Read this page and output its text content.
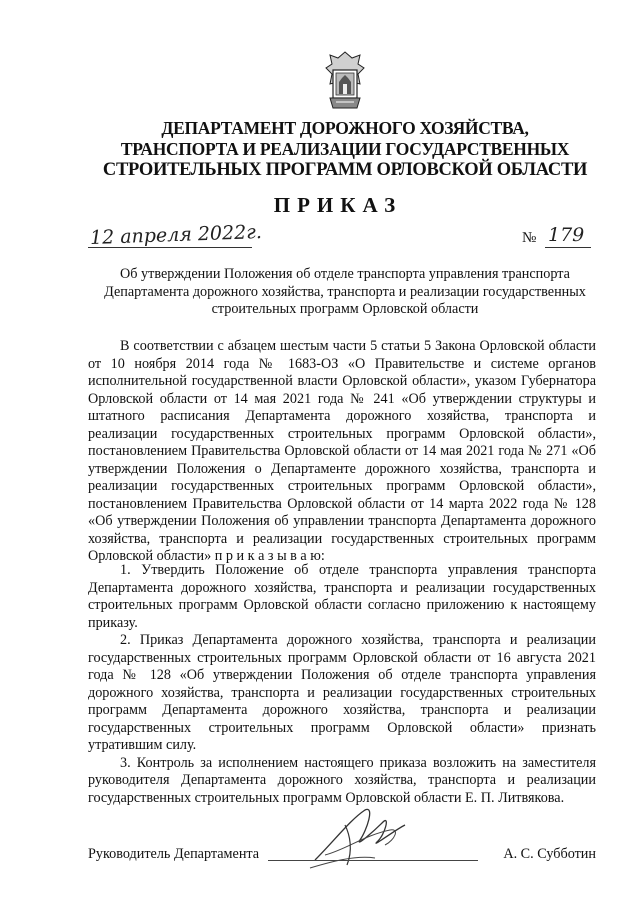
ДЕПАРТАМЕНТ ДОРОЖНОГО ХОЗЯЙСТВА,
ТРАНСПОРТА И РЕАЛИЗАЦИИ ГОСУДАРСТВЕННЫХ
СТРОИТЕЛЬНЫХ ПРОГРАММ ОРЛОВСКОЙ ОБЛАСТИ
ПРИКАЗ
12 апреля 2022г.	№ 179
Об утверждении Положения об отделе транспорта управления транспорта
Департамента дорожного хозяйства, транспорта и реализации государственных
строительных программ Орловской области

В соответствии с абзацем шестым части 5 статьи 5 Закона Орловской области от 10 ноября 2014 года № 1683-ОЗ «О Правительстве и системе органов исполнительной государственной власти Орловской области», указом Губернатора Орловской области от 14 мая 2021 года № 241 «Об утверждении структуры и штатного расписания Департамента дорожного хозяйства, транспорта и реализации государственных строительных программ Орловской области», постановлением Правительства Орловской области от 14 мая 2021 года № 271 «Об утверждении Положения о Департаменте дорожного хозяйства, транспорта и реализации государственных строительных программ Орловской области», постановлением Правительства Орловской области от 14 марта 2022 года № 128 «Об утверждении Положения об управлении транспорта Департамента дорожного хозяйства, транспорта и реализации государственных строительных программ Орловской области» п р и к а з ы в а ю:

1. Утвердить Положение об отделе транспорта управления транспорта Департамента дорожного хозяйства, транспорта и реализации государственных строительных программ Орловской области согласно приложению к настоящему приказу.

2. Приказ Департамента дорожного хозяйства, транспорта и реализации государственных строительных программ Орловской области от 16 августа 2021 года № 128 «Об утверждении Положения об отделе транспорта управления дорожного хозяйства, транспорта и реализации государственных строительных программ Департамента дорожного хозяйства, транспорта и реализации государственных строительных программ Орловской области» признать утратившим силу.

3. Контроль за исполнением настоящего приказа возложить на заместителя руководителя Департамента дорожного хозяйства, транспорта и реализации государственных строительных программ Орловской области Е. П. Литвякова.

Руководитель Департамента	А. С. Субботин
